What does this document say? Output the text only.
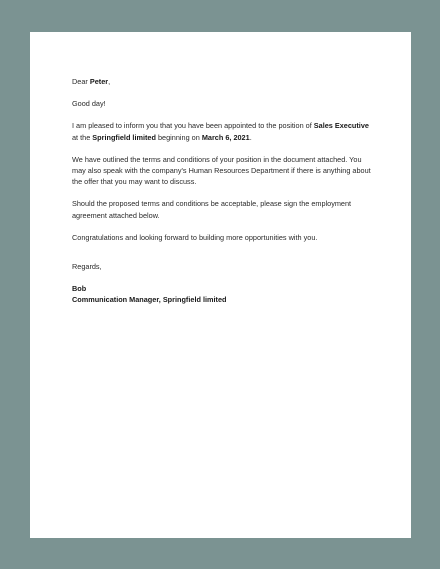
Dear Peter,

Good day!

I am pleased to inform you that you have been appointed to the position of Sales Executive at the Springfield limited beginning on March 6, 2021.

We have outlined the terms and conditions of your position in the document attached. You may also speak with the company's Human Resources Department if there is anything about the offer that you may want to discuss.

Should the proposed terms and conditions be acceptable, please sign the employment agreement attached below.

Congratulations and looking forward to building more opportunities with you.

Regards,

Bob
Communication Manager, Springfield limited
